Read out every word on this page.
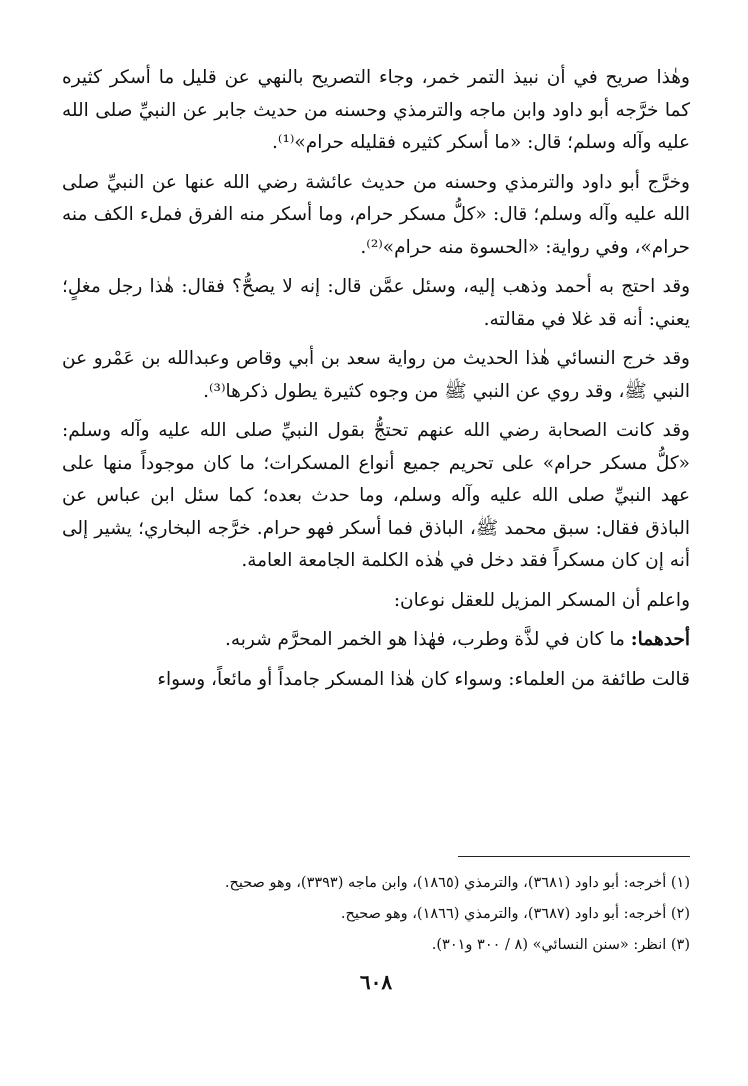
وهٰذا صريح في أن نبيذ التمر خمر، وجاء التصريح بالنهي عن قليل ما أسكر كثيره كما خرَّجه أبو داود وابن ماجه والترمذي وحسنه من حديث جابر عن النبيِّ صلى الله عليه وآله وسلم؛ قال: «ما أسكر كثيره فقليله حرام»⁽¹⁾.

وخرَّج أبو داود والترمذي وحسنه من حديث عائشة رضي الله عنها عن النبيِّ صلى الله عليه وآله وسلم؛ قال: «كلُّ مسكر حرام، وما أسكر منه الفرق فملء الكف منه حرام»، وفي رواية: «الحسوة منه حرام»⁽²⁾.

وقد احتج به أحمد وذهب إليه، وسئل عمَّن قال: إنه لا يصحُّ؟ فقال: هٰذا رجل مغلٍ؛ يعني: أنه قد غلا في مقالته.

وقد خرج النسائي هٰذا الحديث من رواية سعد بن أبي وقاص وعبدالله بن عَمْرو عن النبي ﷺ، وقد روي عن النبي ﷺ من وجوه كثيرة يطول ذكرها⁽³⁾.

وقد كانت الصحابة رضي الله عنهم تحتجُّ بقول النبيِّ صلى الله عليه وآله وسلم: «كلُّ مسكر حرام» على تحريم جميع أنواع المسكرات؛ ما كان موجوداً منها على عهد النبيِّ صلى الله عليه وآله وسلم، وما حدث بعده؛ كما سئل ابن عباس عن الباذق فقال: سبق محمد ﷺ، الباذق فما أسكر فهو حرام. خرَّجه البخاري؛ يشير إلى أنه إن كان مسكراً فقد دخل في هٰذه الكلمة الجامعة العامة.

واعلم أن المسكر المزيل للعقل نوعان:

أحدهما: ما كان في لذَّة وطرب، فهٰذا هو الخمر المحرَّم شربه.

قالت طائفة من العلماء: وسواء كان هٰذا المسكر جامداً أو مائعاً، وسواء

(١) أخرجه: أبو داود (٣٦٨١)، والترمذي (١٨٦٥)، وابن ماجه (٣٣٩٣)، وهو صحيح.

(٢) أخرجه: أبو داود (٣٦٨٧)، والترمذي (١٨٦٦)، وهو صحيح.

(٣) انظر: «سنن النسائي» (٨ / ٣٠٠ و٣٠١).

٦٠٨
